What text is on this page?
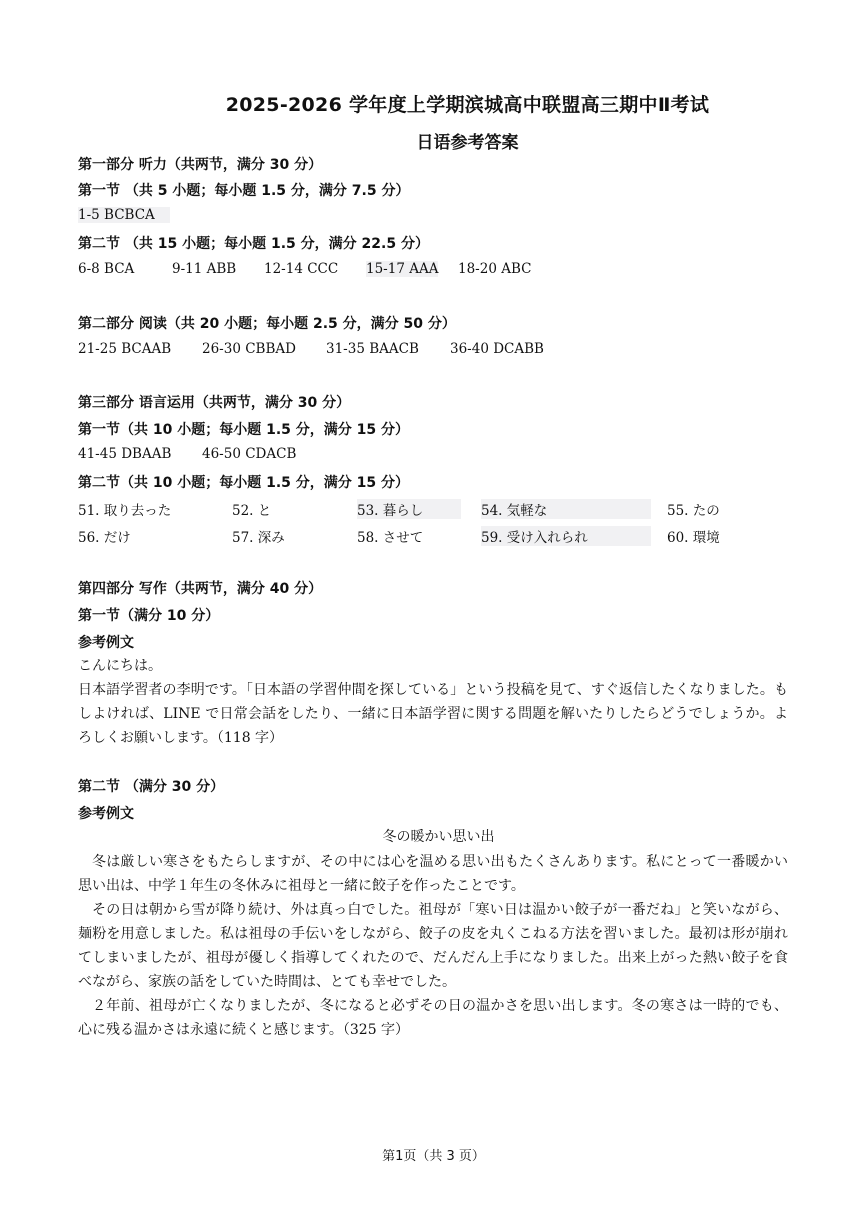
2025-2026 学年度上学期滨城高中联盟高三期中Ⅱ考试
日语参考答案
第一部分 听力（共两节，满分 30 分）
第一节 （共 5 小题；每小题 1.5 分，满分 7.5 分）
1-5 BCBCA
第二节 （共 15 小题；每小题 1.5 分，满分 22.5 分）
6-8 BCA	9-11 ABB 12-14 CCC 15-17 AAA 18-20 ABC
第二部分 阅读（共 20 小题；每小题 2.5 分，满分 50 分）
21-25 BCAAB 26-30 CBBAD 31-35 BAACB 36-40 DCABB
第三部分 语言运用（共两节，满分 30 分）
第一节（共 10 小题；每小题 1.5 分，满分 15 分）
41-45 DBAAB 46-50 CDACB
第二节（共 10 小题；每小题 1.5 分，满分 15 分）
51. 取り去った	52. と	53. 暮らし	54. 気軽な	55. たの
56. だけ	57. 深み	58. させて	59. 受け入れられ	60. 環境
第四部分 写作（共两节，满分 40 分）
第一节（满分 10 分）
参考例文
こんにちは。
日本語学習者の李明です。「日本語の学習仲間を探している」という投稿を見て、すぐ返信したくなりました。もしよければ、LINE で日常会話をしたり、一緒に日本語学習に関する問題を解いたりしたらどうでしょうか。よろしくお願いします。（118 字）
第二节 （满分 30 分）
参考例文
冬の暖かい思い出
冬は厳しい寒さをもたらしますが、その中には心を温める思い出もたくさんあります。私にとって一番暖かい思い出は、中学１年生の冬休みに祖母と一緒に餃子を作ったことです。
その日は朝から雪が降り続け、外は真っ白でした。祖母が「寒い日は温かい餃子が一番だね」と笑いながら、麺粉を用意しました。私は祖母の手伝いをしながら、餃子の皮を丸くこねる方法を習いました。最初は形が崩れてしまいましたが、祖母が優しく指導してくれたので、だんだん上手になりました。出来上がった熱い餃子を食べながら、家族の話をしていた時間は、とても幸せでした。
２年前、祖母が亡くなりましたが、冬になると必ずその日の温かさを思い出します。冬の寒さは一時的でも、心に残る温かさは永遠に続くと感じます。（325 字）
第1页（共 3 页）
